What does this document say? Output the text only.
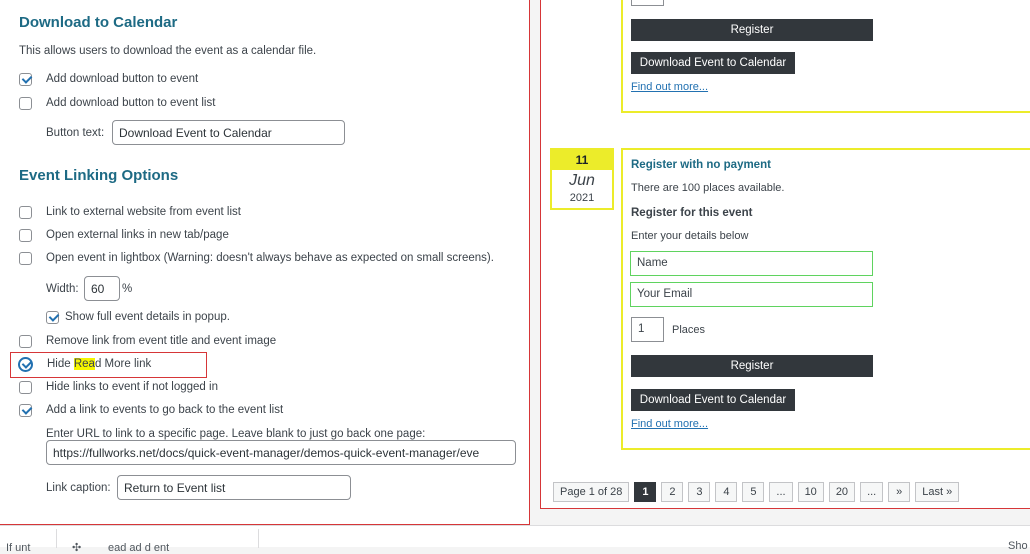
Download to Calendar
This allows users to download the event as a calendar file.
Add download button to event
Add download button to event list
Button text:	Download Event to Calendar
Event Linking Options
Link to external website from event list
Open external links in new tab/page
Open event in lightbox (Warning: doesn't always behave as expected on small screens).
Width:	60	%
Show full event details in popup.
Remove link from event title and event image
Hide Read More link
Hide links to event if not logged in
Add a link to events to go back to the event list
Enter URL to link to a specific page. Leave blank to just go back one page:
https://fullworks.net/docs/quick-event-manager/demos-quick-event-manager/eve
Link caption:	Return to Event list
Register
Download Event to Calendar
Find out more...
11
Jun
2021
Register with no payment
There are 100 places available.
Register for this event
Enter your details below
Name
Your Email
1	Places
Register
Download Event to Calendar
Find out more...
Page 1 of 28	1	2	3	4	5	...	10	20	...	»	Last »
If unt	✣ ead ad d ent	Sho
